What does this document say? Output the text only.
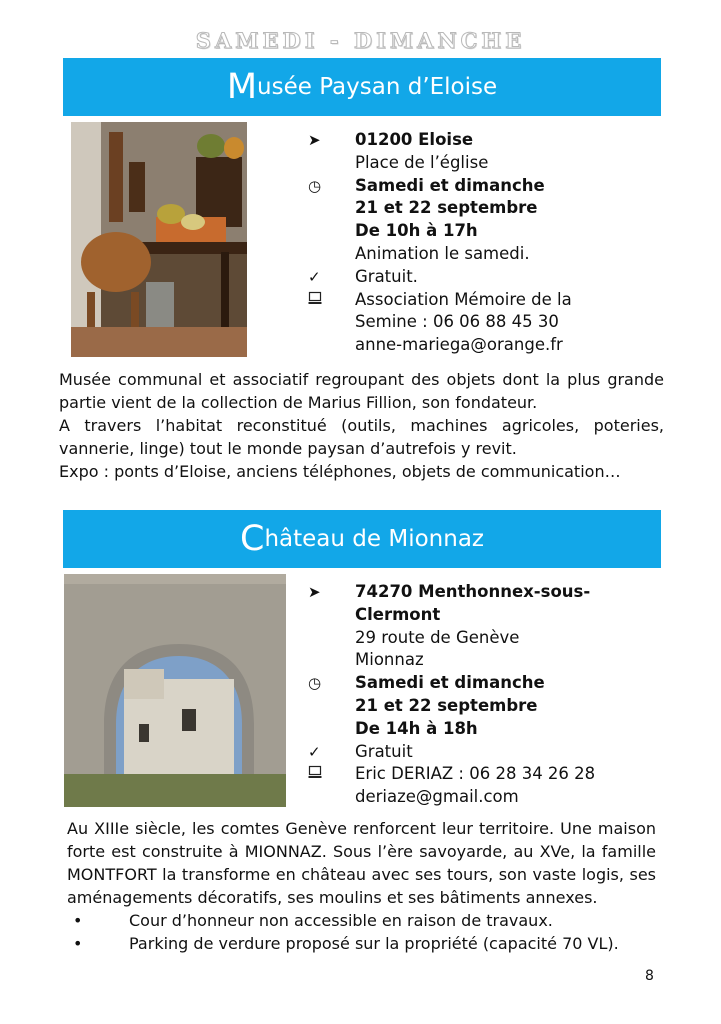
SAMEDI - DIMANCHE
M usée Paysan d’Eloise
➤	01200 Eloise
Place de l’église
◷	Samedi et dimanche
21 et 22 septembre
De 10h à 17h
Animation le samedi.
✓	Gratuit.
Association Mémoire de la
Semine : 06 06 88 45 30
anne-mariega@orange.fr

Musée communal et associatif regroupant des objets dont la plus grande partie vient de la collection de Marius Fillion, son fondateur.

A travers l’habitat reconstitué (outils, machines agricoles, poteries, vannerie, linge) tout le monde paysan d’autrefois y revit.

Expo : ponts d’Eloise, anciens téléphones, objets de communication…

C hâteau de Mionnaz
➤	74270 Menthonnex-sous-
Clermont
29 route de Genève
Mionnaz
◷	Samedi et dimanche
21 et 22 septembre
De 14h à 18h
✓	Gratuit
Eric DERIAZ : 06 28 34 26 28
deriaze@gmail.com

Au XIIIe siècle, les comtes Genève renforcent leur territoire. Une maison forte est construite à MIONNAZ. Sous l’ère savoyarde, au XVe, la famille MONTFORT la transforme en château avec ses tours, son vaste logis, ses aménagements décoratifs, ses moulins et ses bâtiments annexes.

•	Cour d’honneur non accessible en raison de travaux.
•	Parking de verdure proposé sur la propriété (capacité 70 VL).
8
